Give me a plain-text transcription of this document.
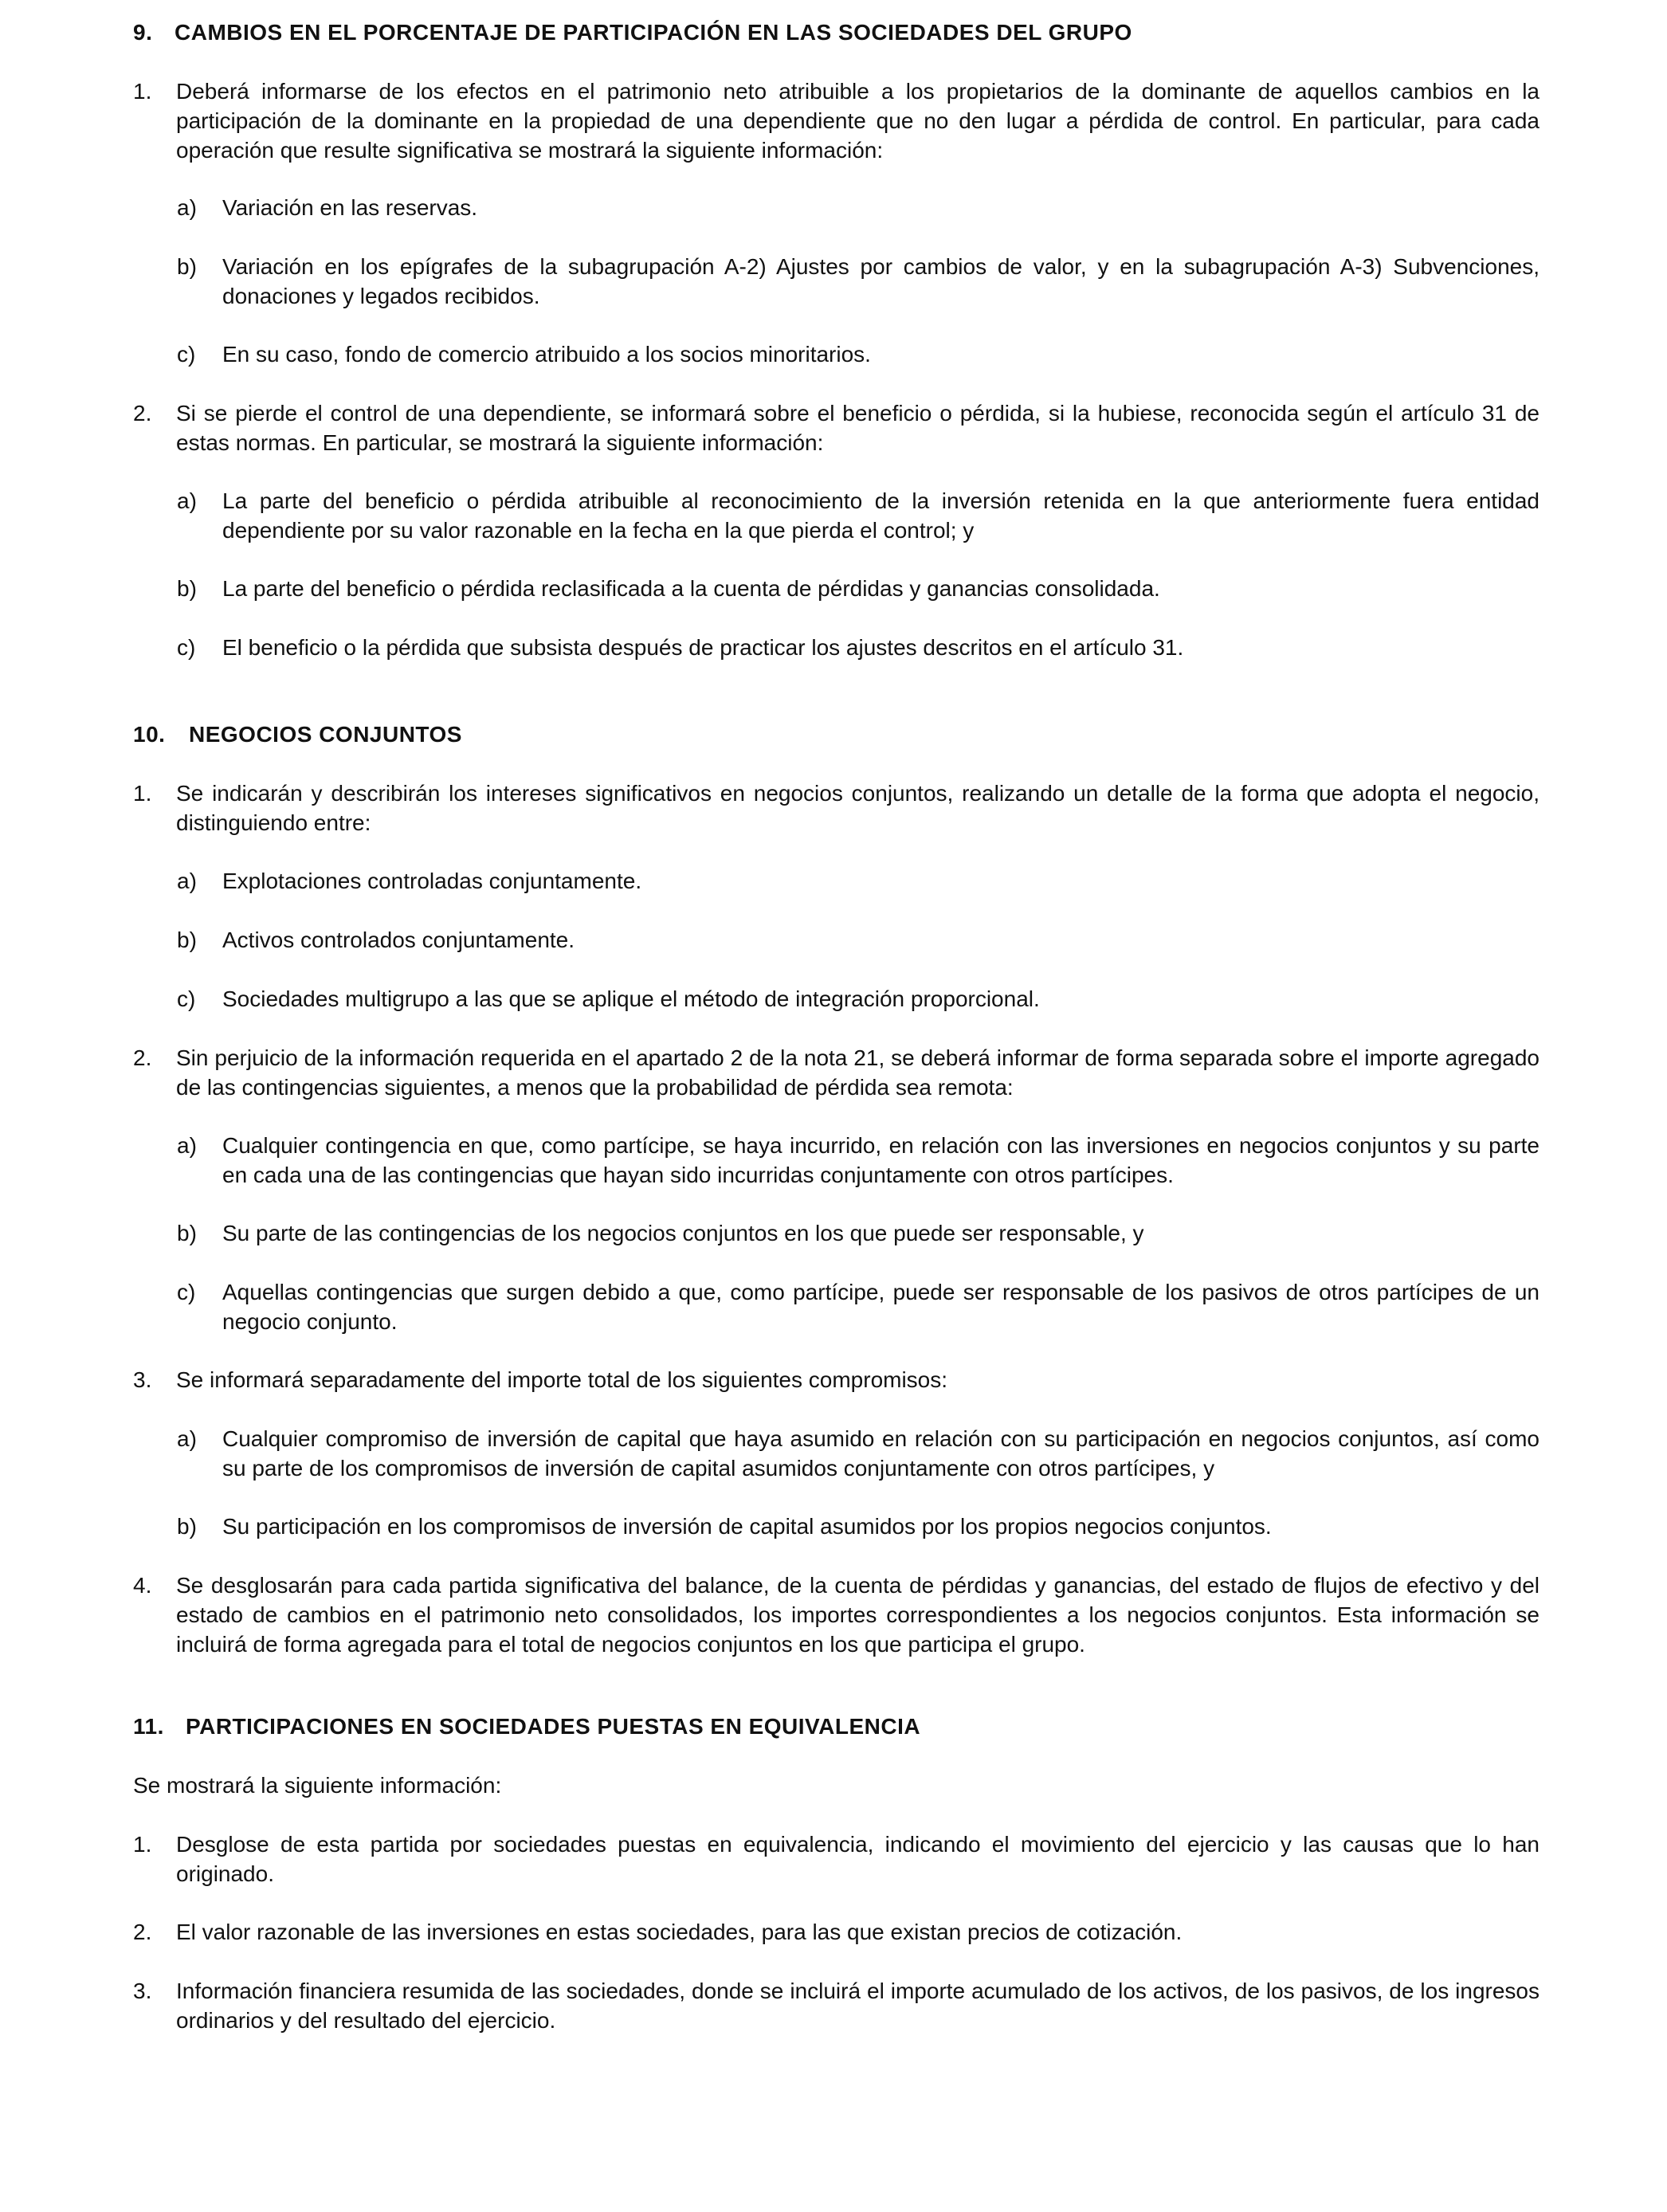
9. CAMBIOS EN EL PORCENTAJE DE PARTICIPACIÓN EN LAS SOCIEDADES DEL GRUPO
1. Deberá informarse de los efectos en el patrimonio neto atribuible a los propietarios de la dominante de aquellos cambios en la participación de la dominante en la propiedad de una dependiente que no den lugar a pérdida de control. En particular, para cada operación que resulte significativa se mostrará la siguiente información:
a) Variación en las reservas.
b) Variación en los epígrafes de la subagrupación A-2) Ajustes por cambios de valor, y en la subagrupación A-3) Subvenciones, donaciones y legados recibidos.
c) En su caso, fondo de comercio atribuido a los socios minoritarios.
2. Si se pierde el control de una dependiente, se informará sobre el beneficio o pérdida, si la hubiese, reconocida según el artículo 31 de estas normas. En particular, se mostrará la siguiente información:
a) La parte del beneficio o pérdida atribuible al reconocimiento de la inversión retenida en la que anteriormente fuera entidad dependiente por su valor razonable en la fecha en la que pierda el control; y
b) La parte del beneficio o pérdida reclasificada a la cuenta de pérdidas y ganancias consolidada.
c) El beneficio o la pérdida que subsista después de practicar los ajustes descritos en el artículo 31.
10. NEGOCIOS CONJUNTOS
1. Se indicarán y describirán los intereses significativos en negocios conjuntos, realizando un detalle de la forma que adopta el negocio, distinguiendo entre:
a) Explotaciones controladas conjuntamente.
b) Activos controlados conjuntamente.
c) Sociedades multigrupo a las que se aplique el método de integración proporcional.
2. Sin perjuicio de la información requerida en el apartado 2 de la nota 21, se deberá informar de forma separada sobre el importe agregado de las contingencias siguientes, a menos que la probabilidad de pérdida sea remota:
a) Cualquier contingencia en que, como partícipe, se haya incurrido, en relación con las inversiones en negocios conjuntos y su parte en cada una de las contingencias que hayan sido incurridas conjuntamente con otros partícipes.
b) Su parte de las contingencias de los negocios conjuntos en los que puede ser responsable, y
c) Aquellas contingencias que surgen debido a que, como partícipe, puede ser responsable de los pasivos de otros partícipes de un negocio conjunto.
3. Se informará separadamente del importe total de los siguientes compromisos:
a) Cualquier compromiso de inversión de capital que haya asumido en relación con su participación en negocios conjuntos, así como su parte de los compromisos de inversión de capital asumidos conjuntamente con otros partícipes, y
b) Su participación en los compromisos de inversión de capital asumidos por los propios negocios conjuntos.
4. Se desglosarán para cada partida significativa del balance, de la cuenta de pérdidas y ganancias, del estado de flujos de efectivo y del estado de cambios en el patrimonio neto consolidados, los importes correspondientes a los negocios conjuntos. Esta información se incluirá de forma agregada para el total de negocios conjuntos en los que participa el grupo.
11. PARTICIPACIONES EN SOCIEDADES PUESTAS EN EQUIVALENCIA

Se mostrará la siguiente información:

1. Desglose de esta partida por sociedades puestas en equivalencia, indicando el movimiento del ejercicio y las causas que lo han originado.
2. El valor razonable de las inversiones en estas sociedades, para las que existan precios de cotización.
3. Información financiera resumida de las sociedades, donde se incluirá el importe acumulado de los activos, de los pasivos, de los ingresos ordinarios y del resultado del ejercicio.
